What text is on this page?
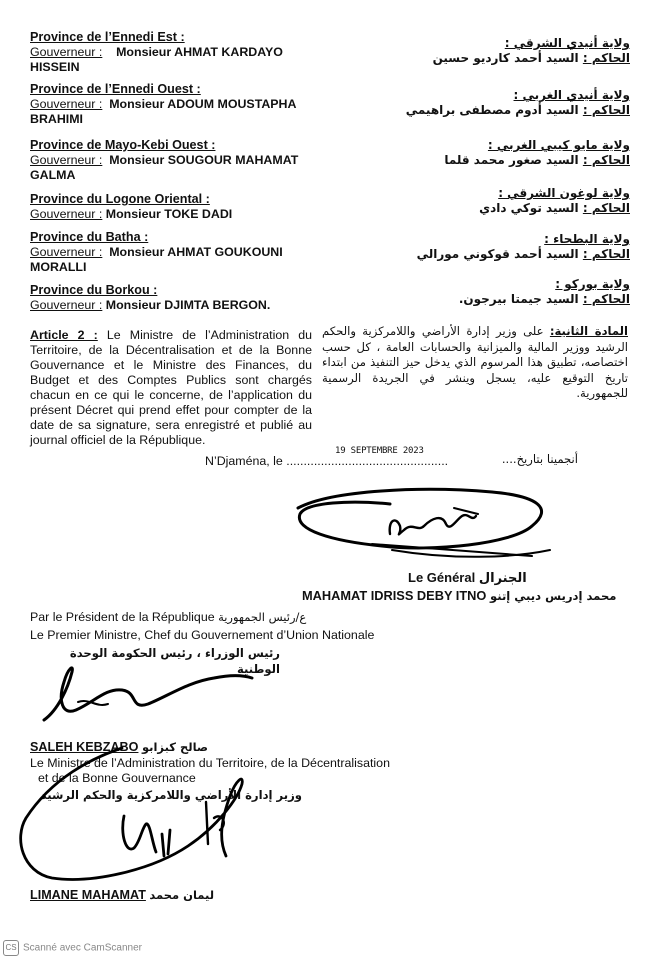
Province de l’Ennedi Est :
Gouverneur : Monsieur AHMAT KARDAYO
HISSEIN
Province de l’Ennedi Ouest :
Gouverneur : Monsieur ADOUM MOUSTAPHA
BRAHIMI
Province de Mayo-Kebi Ouest :
Gouverneur : Monsieur SOUGOUR MAHAMAT
GALMA
Province du Logone Oriental :
Gouverneur : Monsieur TOKE DADI
Province du Batha :
Gouverneur : Monsieur AHMAT GOUKOUNI
MORALLI
Province du Borkou :
Gouverneur : Monsieur DJIMTA BERGON.
ولاية أنيدي الشرقي :
الحاكم : السيد أحمد كارديو حسين
ولاية أنيدي الغربي :
الحاكم : السيد أدوم مصطفى براهيمي
ولاية مايو كيبي الغربي :
الحاكم : السيد صغور محمد قلما
ولاية لوغون الشرقي :
الحاكم : السيد توكي دادي
ولاية البطحاء :
الحاكم : السيد أحمد قوكوني مورالي
ولاية بوركو :
الحاكم : السيد جيمتا بيرجون.
Article 2 : Le Ministre de l’Administration du Territoire, de la Décentralisation et de la Bonne Gouvernance et le Ministre des Finances, du Budget et des Comptes Publics sont chargés chacun en ce qui le concerne, de l’application du présent Décret qui prend effet pour compter de la date de sa signature, sera enregistré et publié au journal officiel de la République.
المادة الثانية: على وزير إدارة الأراضي واللامركزية والحكم الرشيد ووزير المالية والميزانية والحسابات العامة ، كل حسب اختصاصه، تطبيق هذا المرسوم الذي يدخل حيز التنفيذ من ابتداء تاريخ التوقيع عليه، يسجل وينشر في الجريدة الرسمية للجمهورية.
N’Djaména, le ...............................................
19 SEPTEMBRE 2023
أنجمينا بتاريخ....
Le Général الجنرال
MAHAMAT IDRISS DEBY ITNO محمد إدريس ديبي إتنو
Par le Président de la République ع/رئيس الجمهورية
Le Premier Ministre, Chef du Gouvernement d’Union Nationale
رئيس الوزراء ، رئيس الحكومة الوحدة الوطنية
SALEH KEBZABO صالح كبزابو
Le Ministre de l’Administration du Territoire, de la Décentralisation
et de la Bonne Gouvernance
وزير إدارة الأراضي واللامركزية والحكم الرشيد
LIMANE MAHAMAT ليمان محمد
CS Scanné avec CamScanner
